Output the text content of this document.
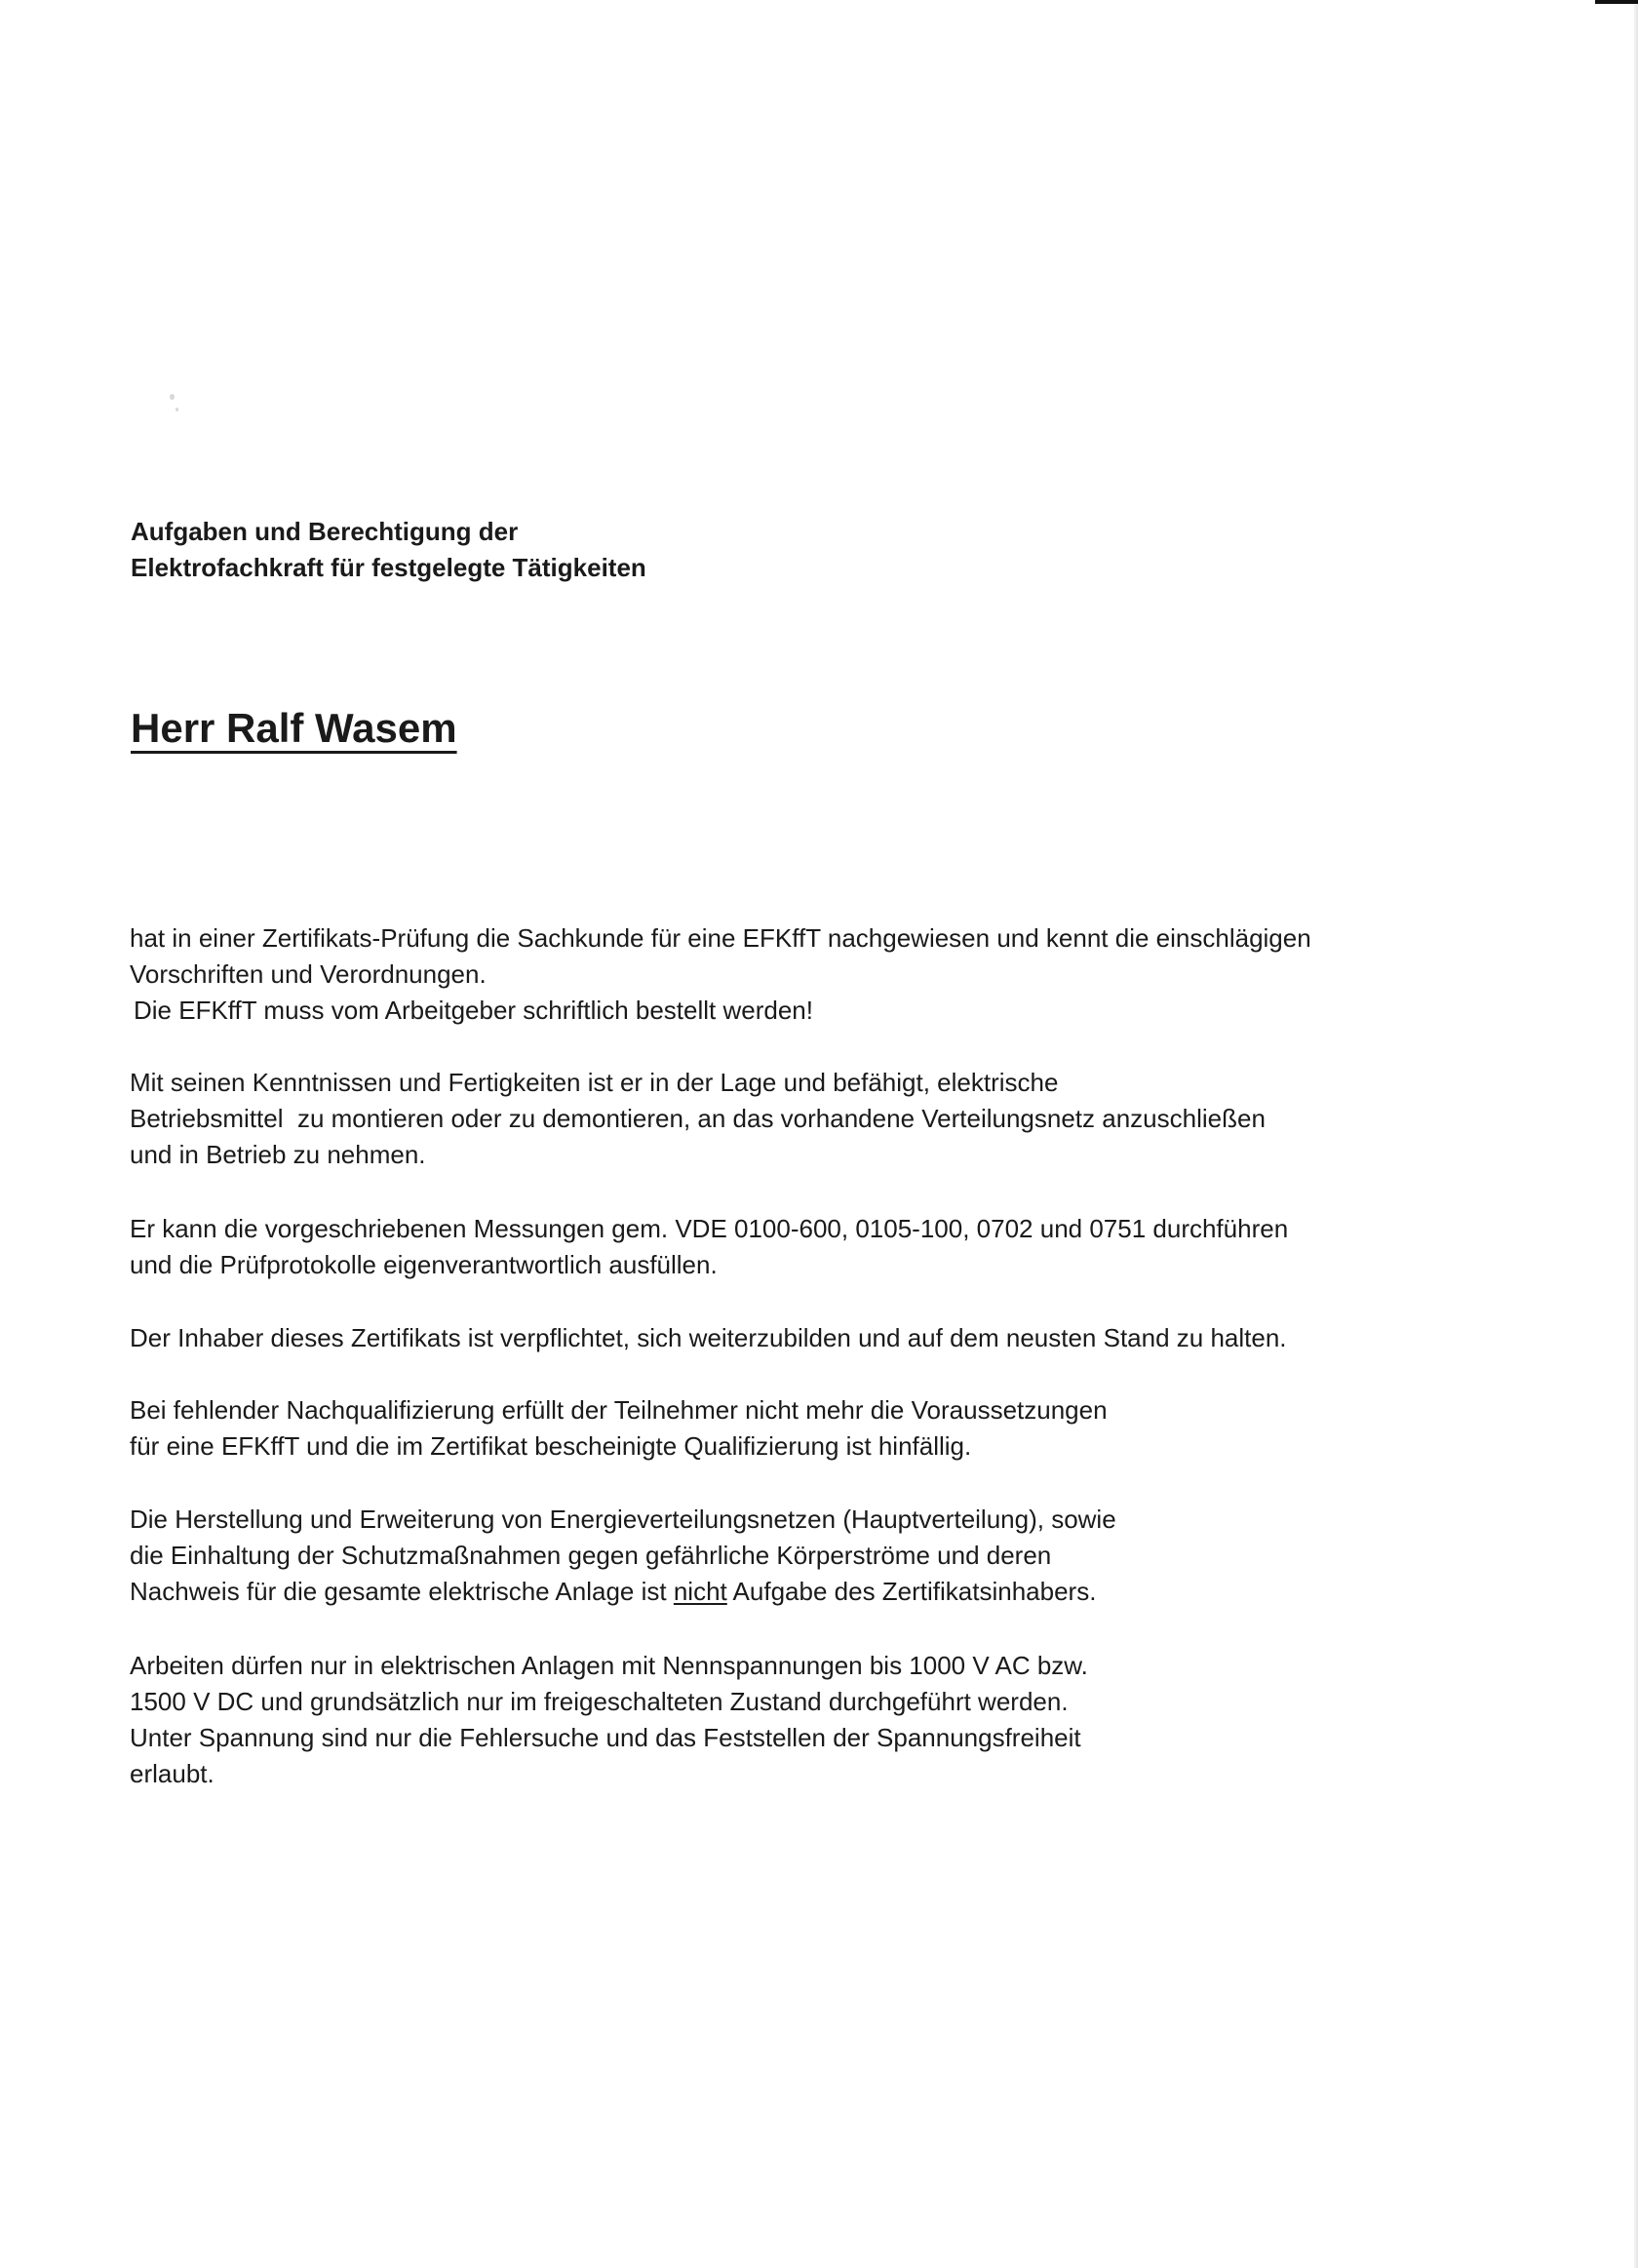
Aufgaben und Berechtigung der
Elektrofachkraft für festgelegte Tätigkeiten
Herr Ralf Wasem

hat in einer Zertifikats-Prüfung die Sachkunde für eine EFKffT nachgewiesen und kennt die einschlägigen
Vorschriften und Verordnungen.
Die EFKffT muss vom Arbeitgeber schriftlich bestellt werden!

Mit seinen Kenntnissen und Fertigkeiten ist er in der Lage und befähigt, elektrische
Betriebsmittel  zu montieren oder zu demontieren, an das vorhandene Verteilungsnetz anzuschließen
und in Betrieb zu nehmen.

Er kann die vorgeschriebenen Messungen gem. VDE 0100-600, 0105-100, 0702 und 0751 durchführen
und die Prüfprotokolle eigenverantwortlich ausfüllen.

Der Inhaber dieses Zertifikats ist verpflichtet, sich weiterzubilden und auf dem neusten Stand zu halten.

Bei fehlender Nachqualifizierung erfüllt der Teilnehmer nicht mehr die Voraussetzungen
für eine EFKffT und die im Zertifikat bescheinigte Qualifizierung ist hinfällig.

Die Herstellung und Erweiterung von Energieverteilungsnetzen (Hauptverteilung), sowie
die Einhaltung der Schutzmaßnahmen gegen gefährliche Körperströme und deren
Nachweis für die gesamte elektrische Anlage ist nicht Aufgabe des Zertifikatsinhabers.

Arbeiten dürfen nur in elektrischen Anlagen mit Nennspannungen bis 1000 V AC bzw.
1500 V DC und grundsätzlich nur im freigeschalteten Zustand durchgeführt werden.
Unter Spannung sind nur die Fehlersuche und das Feststellen der Spannungsfreiheit
erlaubt.
